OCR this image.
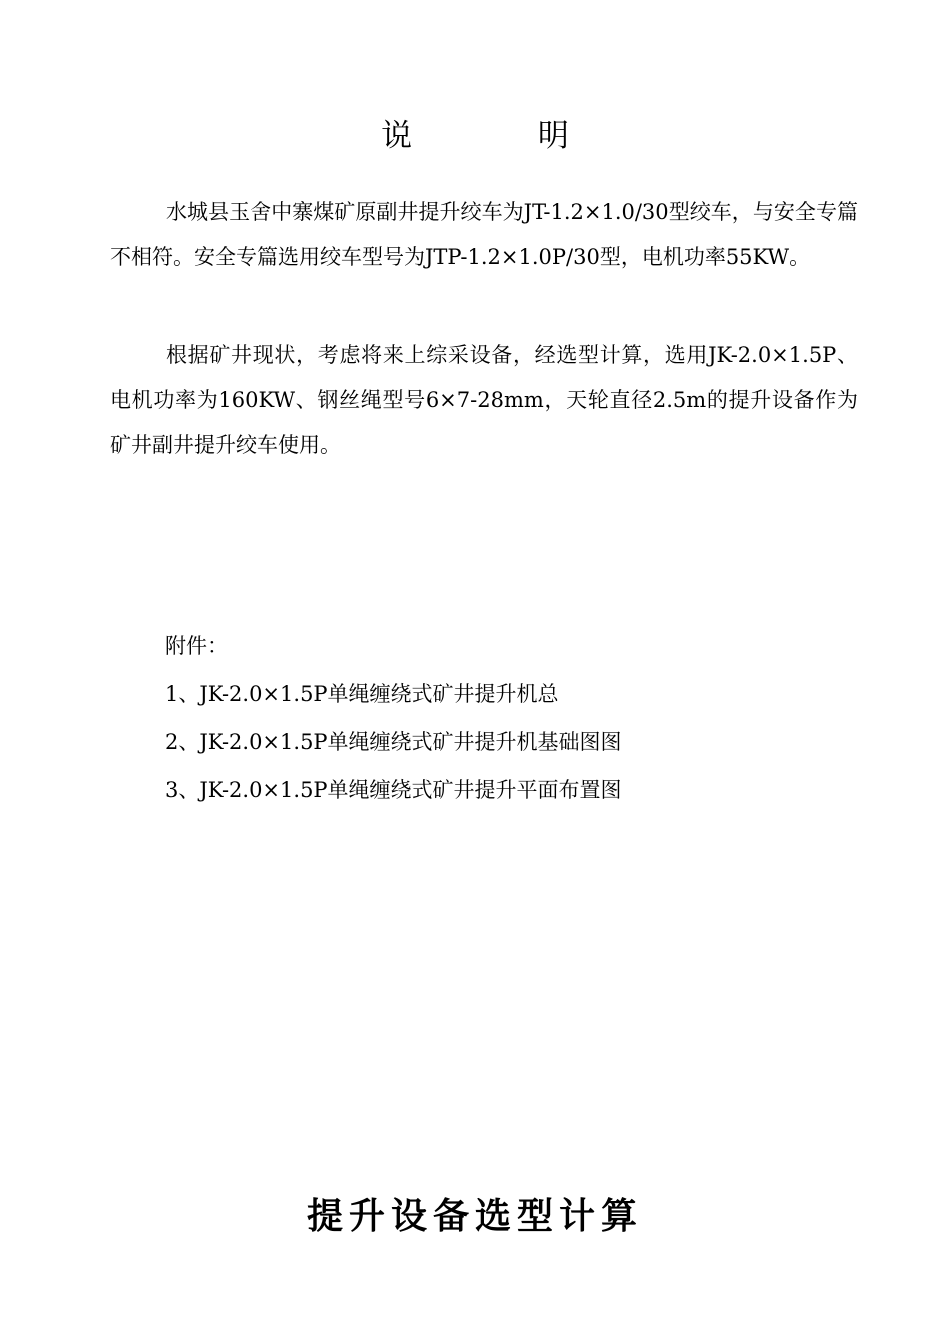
说 明

水城县玉舍中寨煤矿原副井提升绞车为JT-1.2×1.0/30型绞车，与安全专篇不相符。安全专篇选用绞车型号为JTP-1.2×1.0P/30型，电机功率55KW。

根据矿井现状，考虑将来上综采设备，经选型计算，选用JK-2.0×1.5P、电机功率为160KW、钢丝绳型号6×7-28mm，天轮直径2.5m的提升设备作为矿井副井提升绞车使用。

附件：
1、JK-2.0×1.5P单绳缠绕式矿井提升机总
2、JK-2.0×1.5P单绳缠绕式矿井提升机基础图图
3、JK-2.0×1.5P单绳缠绕式矿井提升平面布置图
提升设备选型计算
